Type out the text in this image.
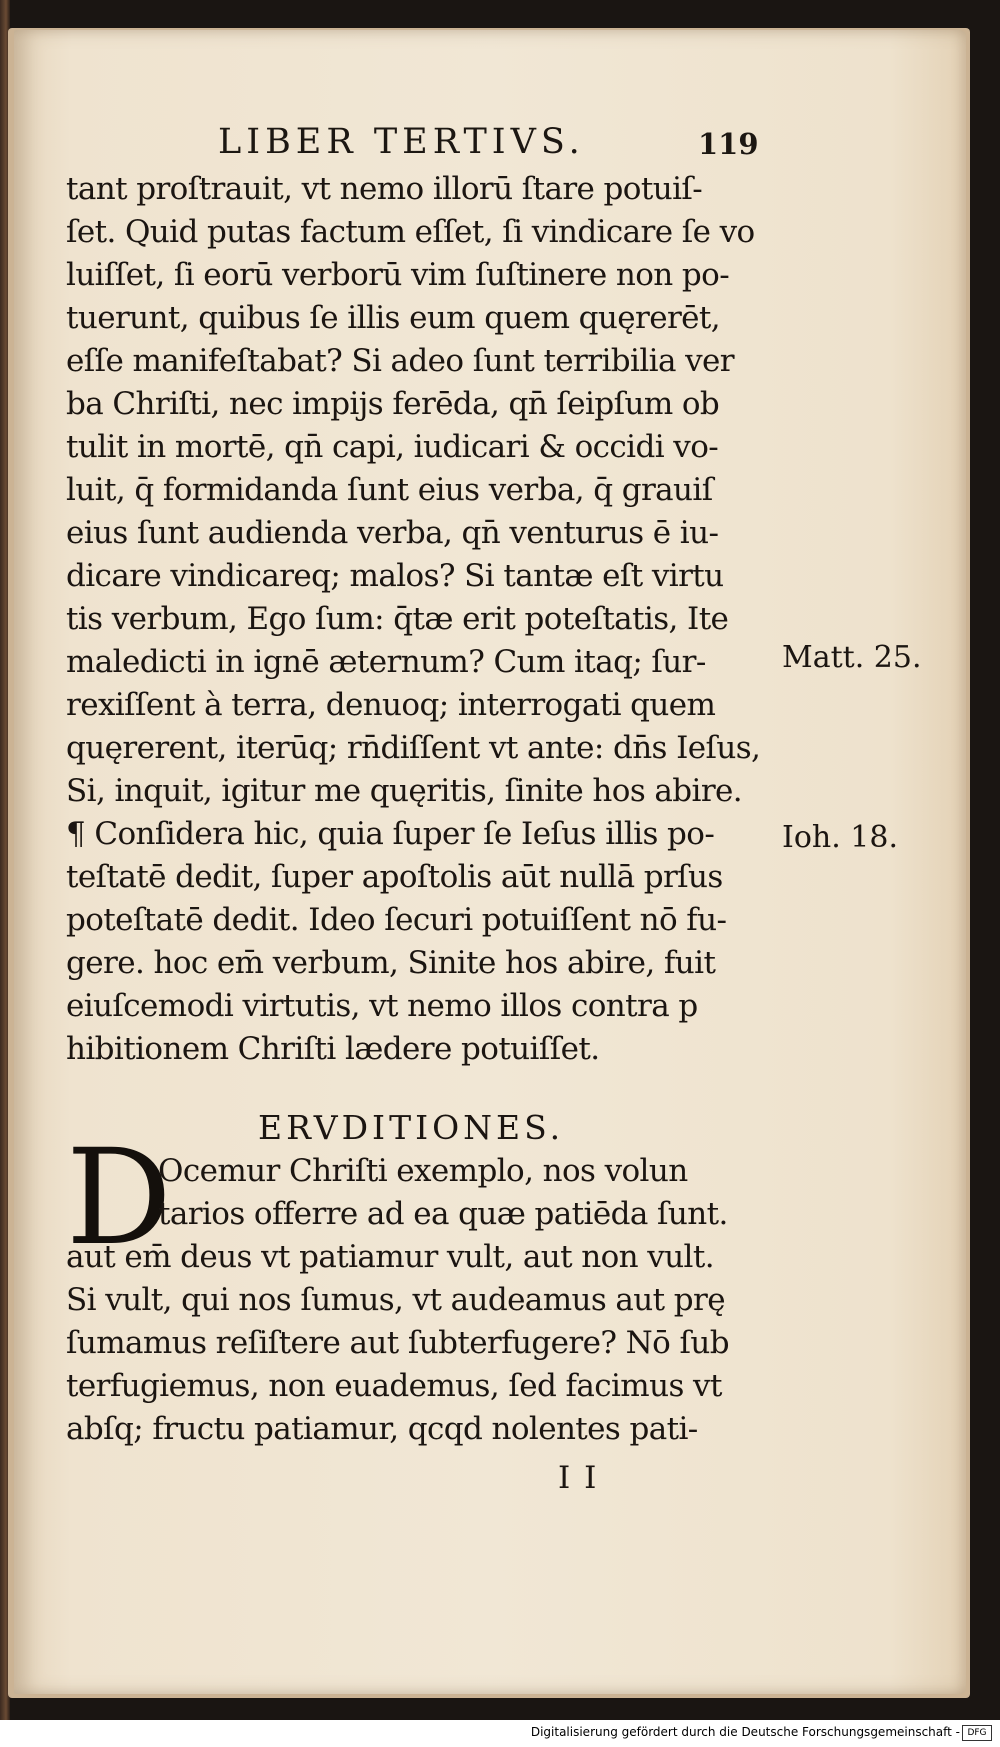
LIBER TERTIVS.	119
tant proſtrauit, vt nemo illorū ſtare potuiſ-
ſet. Quid putas factum eſſet, ſi vindicare ſe vo
luiſſet, ſi eorū verborū vim ſuſtinere non po-
tuerunt, quibus ſe illis eum quem quęrerēt,
eſſe manifeſtabat? Si adeo ſunt terribilia ver
ba Chriſti, nec impijs ferēda, qn̄ ſeipſum ob
tulit in mortē, qn̄ capi, iudicari & occidi vo-
luit, q̄ formidanda ſunt eius verba, q̄ grauiſ
eius ſunt audienda verba, qn̄ venturus ē iu-
dicare vindicareq; malos? Si tantæ eſt virtu
tis verbum, Ego ſum: q̄tæ erit poteſtatis, Ite
maledicti in ignē æternum? Cum itaq; ſur-
rexiſſent à terra, denuoq; interrogati quem
quęrerent, iterūq; rn̄diſſent vt ante: dn̄s Ieſus,
Si, inquit, igitur me quęritis, ſinite hos abire.
¶ Conſidera hic, quia ſuper ſe Ieſus illis po-
teſtatē dedit, ſuper apoſtolis aūt nullā prſus
poteſtatē dedit. Ideo ſecuri potuiſſent nō fu-
gere. hoc em̄ verbum, Sinite hos abire, fuit
eiuſcemodi virtutis, vt nemo illos contra p
hibitionem Chriſti lædere potuiſſet.
Matt. 25.
Ioh. 18.
ERVDITIONES.
D
Ocemur Chriſti exemplo, nos volun
tarios offerre ad ea quæ patiēda ſunt.
aut em̄ deus vt patiamur vult, aut non vult.
Si vult, qui nos ſumus, vt audeamus aut prę
ſumamus reſiſtere aut ſubterfugere? Nō ſub
terfugiemus, non euademus, ſed facimus vt
abſq; fructu patiamur, qcqd nolentes pati-
I I
Digitalisierung gefördert durch die Deutsche Forschungsgemeinschaft - DFG
